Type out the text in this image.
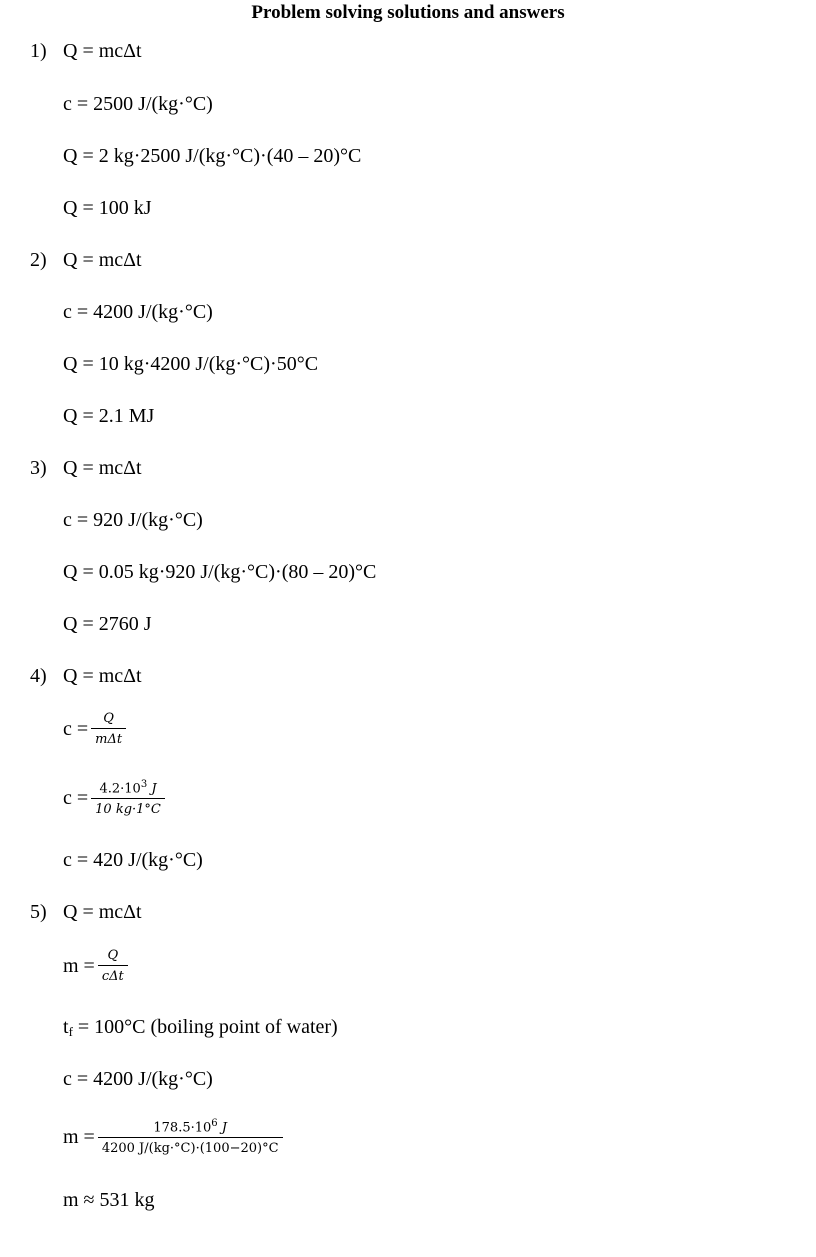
Problem solving solutions and answers
1) Q = mcΔt
c = 2500 J/(kg·°C)
Q = 2 kg·2500 J/(kg·°C)·(40 – 20)°C
Q = 100 kJ
2) Q = mcΔt
c = 4200 J/(kg·°C)
Q = 10 kg·4200 J/(kg·°C)·50°C
Q = 2.1 MJ
3) Q = mcΔt
c = 920 J/(kg·°C)
Q = 0.05 kg·920 J/(kg·°C)·(80 – 20)°C
Q = 2760 J
4) Q = mcΔt
$c = \frac{Q}{\text{mΔt}}$
$c = \frac{4.2\cdot 10^3 J}{10 kg\cdot 1^\circ C}$
c = 420 J/(kg·°C)
5) Q = mcΔt
$m = \frac{Q}{\text{cΔt}}$
$t_f = 100^\circ C$ (boiling point of water)
c = 4200 J/(kg·°C)
$m = \frac{178.5\cdot 10^6 J}{4200 J/(kg\cdot^\circ C)\cdot(100-20)^\circ C}$
m ≈ 531 kg
